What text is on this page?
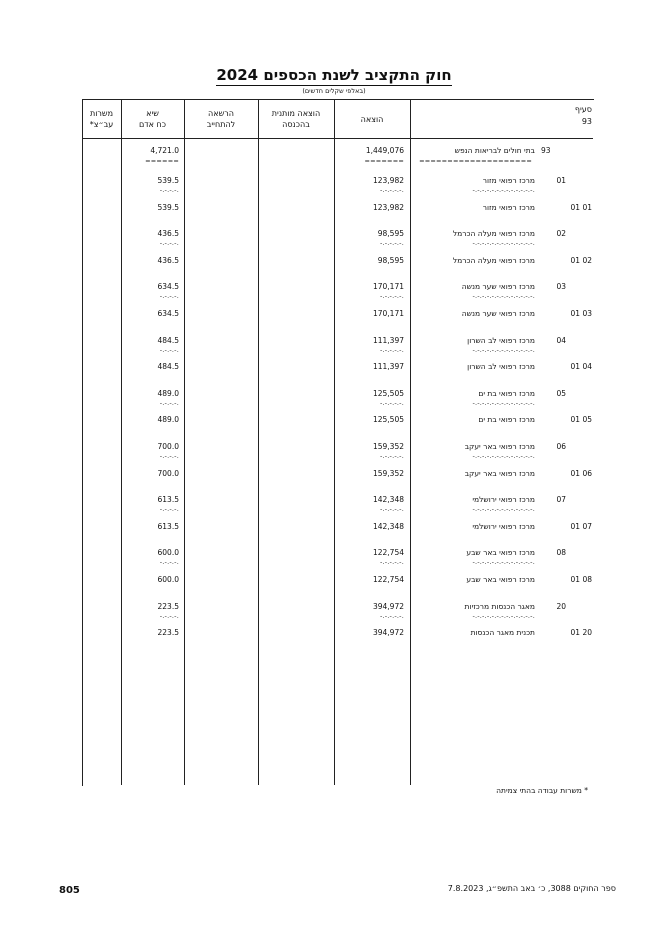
חוק התקציב לשנת הכספים 2024
(באלפי שקלים חדשים)
סעיף
93
הוצאה
הוצאה מותנית
בהכנסה
הרשאה
להתחייב
שיא
כח אדם
משרות
עב״צ*
93
בתי חולים לבריאות הנפש
1,449,076
4,721.0
====================
=======
======
01
מרכז רפואי מזור
123,982
539.5
-.-.-.-.-.-.-.-.-.-.-.-.-.
-.-.-.-.-.
-.-.-.-.
01 01
מרכז רפואי מזור
123,982
539.5
02
מרכז רפואי מעלה הכרמל
98,595
436.5
-.-.-.-.-.-.-.-.-.-.-.-.-.
-.-.-.-.-.
-.-.-.-.
01 02
מרכז רפואי מעלה הכרמל
98,595
436.5
03
מרכז רפואי שער מנשה
170,171
634.5
-.-.-.-.-.-.-.-.-.-.-.-.-.
-.-.-.-.-.
-.-.-.-.
01 03
מרכז רפואי שער מנשה
170,171
634.5
04
מרכז רפואי לב השרון
111,397
484.5
-.-.-.-.-.-.-.-.-.-.-.-.-.
-.-.-.-.-.
-.-.-.-.
01 04
מרכז רפואי לב השרון
111,397
484.5
05
מרכז רפואי בת ים
125,505
489.0
-.-.-.-.-.-.-.-.-.-.-.-.-.
-.-.-.-.-.
-.-.-.-.
01 05
מרכז רפואי בת ים
125,505
489.0
06
מרכז רפואי באר יעקב
159,352
700.0
-.-.-.-.-.-.-.-.-.-.-.-.-.
-.-.-.-.-.
-.-.-.-.
01 06
מרכז רפואי באר יעקב
159,352
700.0
07
מרכז רפואי ירושלמי
142,348
613.5
-.-.-.-.-.-.-.-.-.-.-.-.-.
-.-.-.-.-.
-.-.-.-.
01 07
מרכז רפואי ירושלמי
142,348
613.5
08
מרכז רפואי באר שבע
122,754
600.0
-.-.-.-.-.-.-.-.-.-.-.-.-.
-.-.-.-.-.
-.-.-.-.
01 08
מרכז רפואי באר שבע
122,754
600.0
20
מאגר הכנסות מרכזיות
394,972
223.5
-.-.-.-.-.-.-.-.-.-.-.-.-.
-.-.-.-.-.
-.-.-.-.
01 20
תכנית מאגר הכנסות
394,972
223.5
* משרות עבודה בהתי צמיתה
805	ספר החוקים 3088, כ׳ באב התשפ״ג, 7.8.2023
